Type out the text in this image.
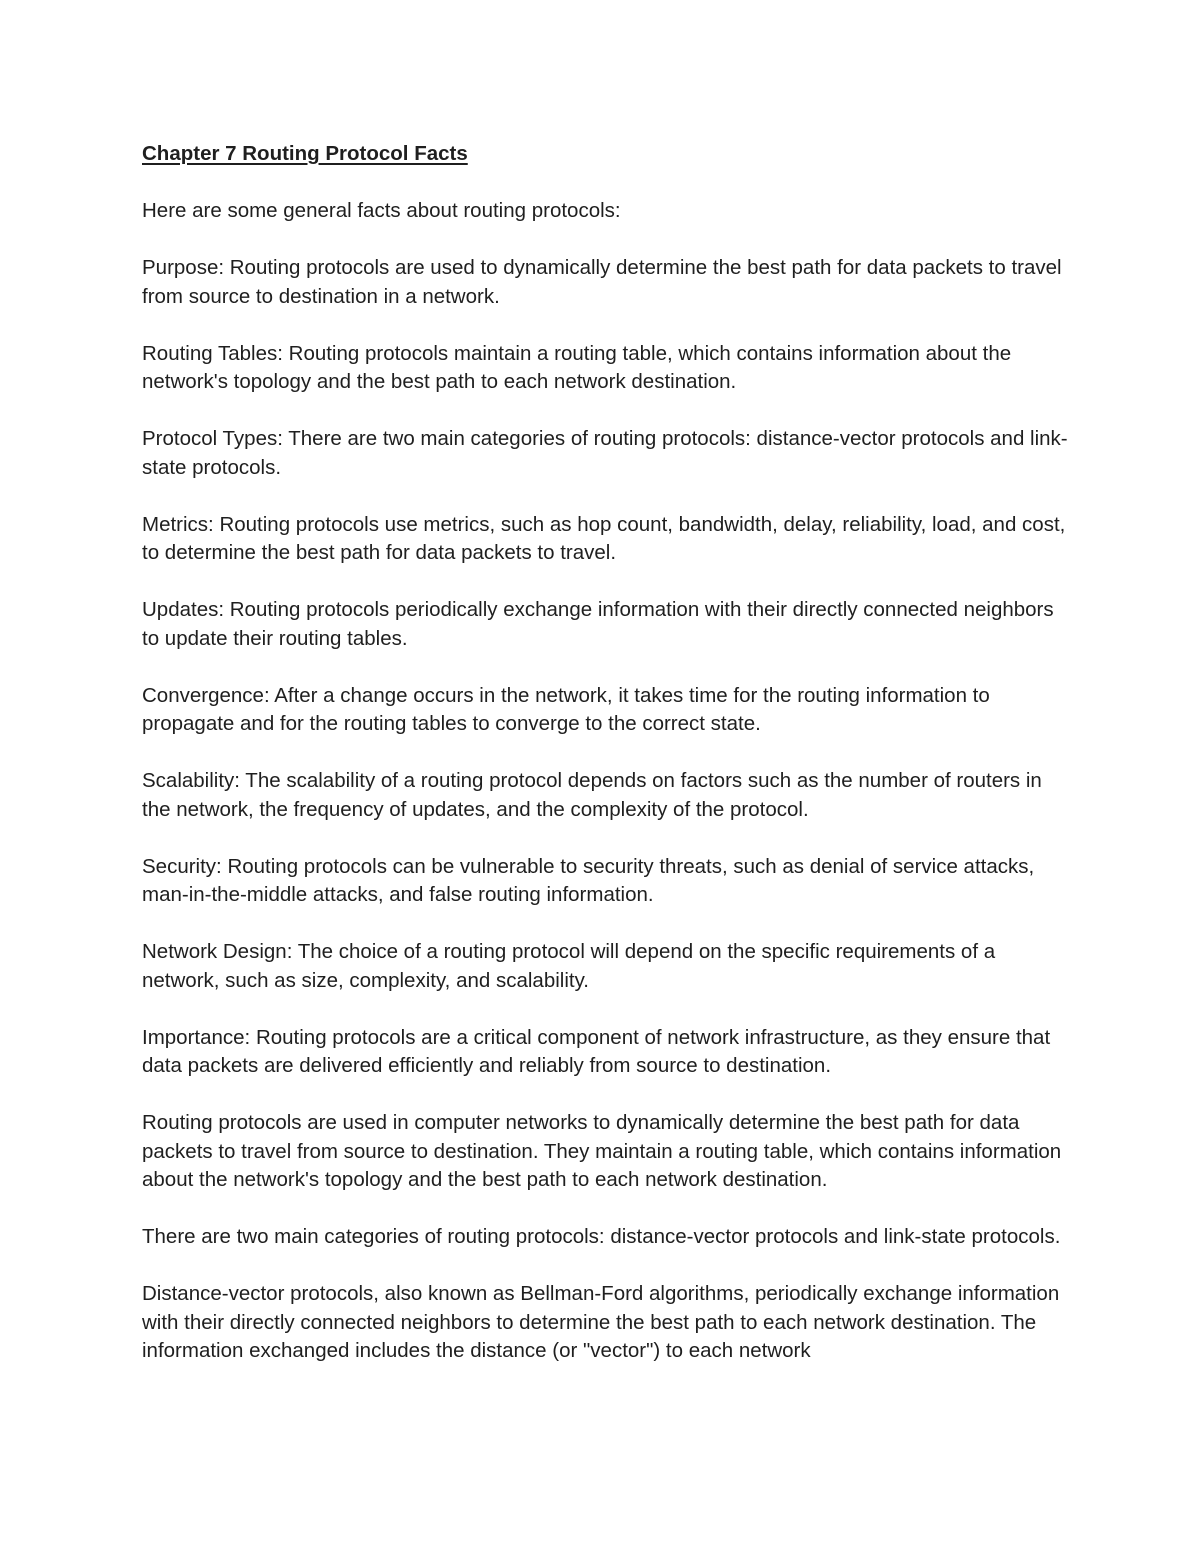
Chapter 7 Routing Protocol Facts

Here are some general facts about routing protocols:

Purpose: Routing protocols are used to dynamically determine the best path for data packets to travel from source to destination in a network.

Routing Tables: Routing protocols maintain a routing table, which contains information about the network's topology and the best path to each network destination.

Protocol Types: There are two main categories of routing protocols: distance-vector protocols and link-state protocols.

Metrics: Routing protocols use metrics, such as hop count, bandwidth, delay, reliability, load, and cost, to determine the best path for data packets to travel.

Updates: Routing protocols periodically exchange information with their directly connected neighbors to update their routing tables.

Convergence: After a change occurs in the network, it takes time for the routing information to propagate and for the routing tables to converge to the correct state.

Scalability: The scalability of a routing protocol depends on factors such as the number of routers in the network, the frequency of updates, and the complexity of the protocol.

Security: Routing protocols can be vulnerable to security threats, such as denial of service attacks, man-in-the-middle attacks, and false routing information.

Network Design: The choice of a routing protocol will depend on the specific requirements of a network, such as size, complexity, and scalability.

Importance: Routing protocols are a critical component of network infrastructure, as they ensure that data packets are delivered efficiently and reliably from source to destination.

Routing protocols are used in computer networks to dynamically determine the best path for data packets to travel from source to destination. They maintain a routing table, which contains information about the network's topology and the best path to each network destination.

There are two main categories of routing protocols: distance-vector protocols and link-state protocols.

Distance-vector protocols, also known as Bellman-Ford algorithms, periodically exchange information with their directly connected neighbors to determine the best path to each network destination. The information exchanged includes the distance (or "vector") to each network
